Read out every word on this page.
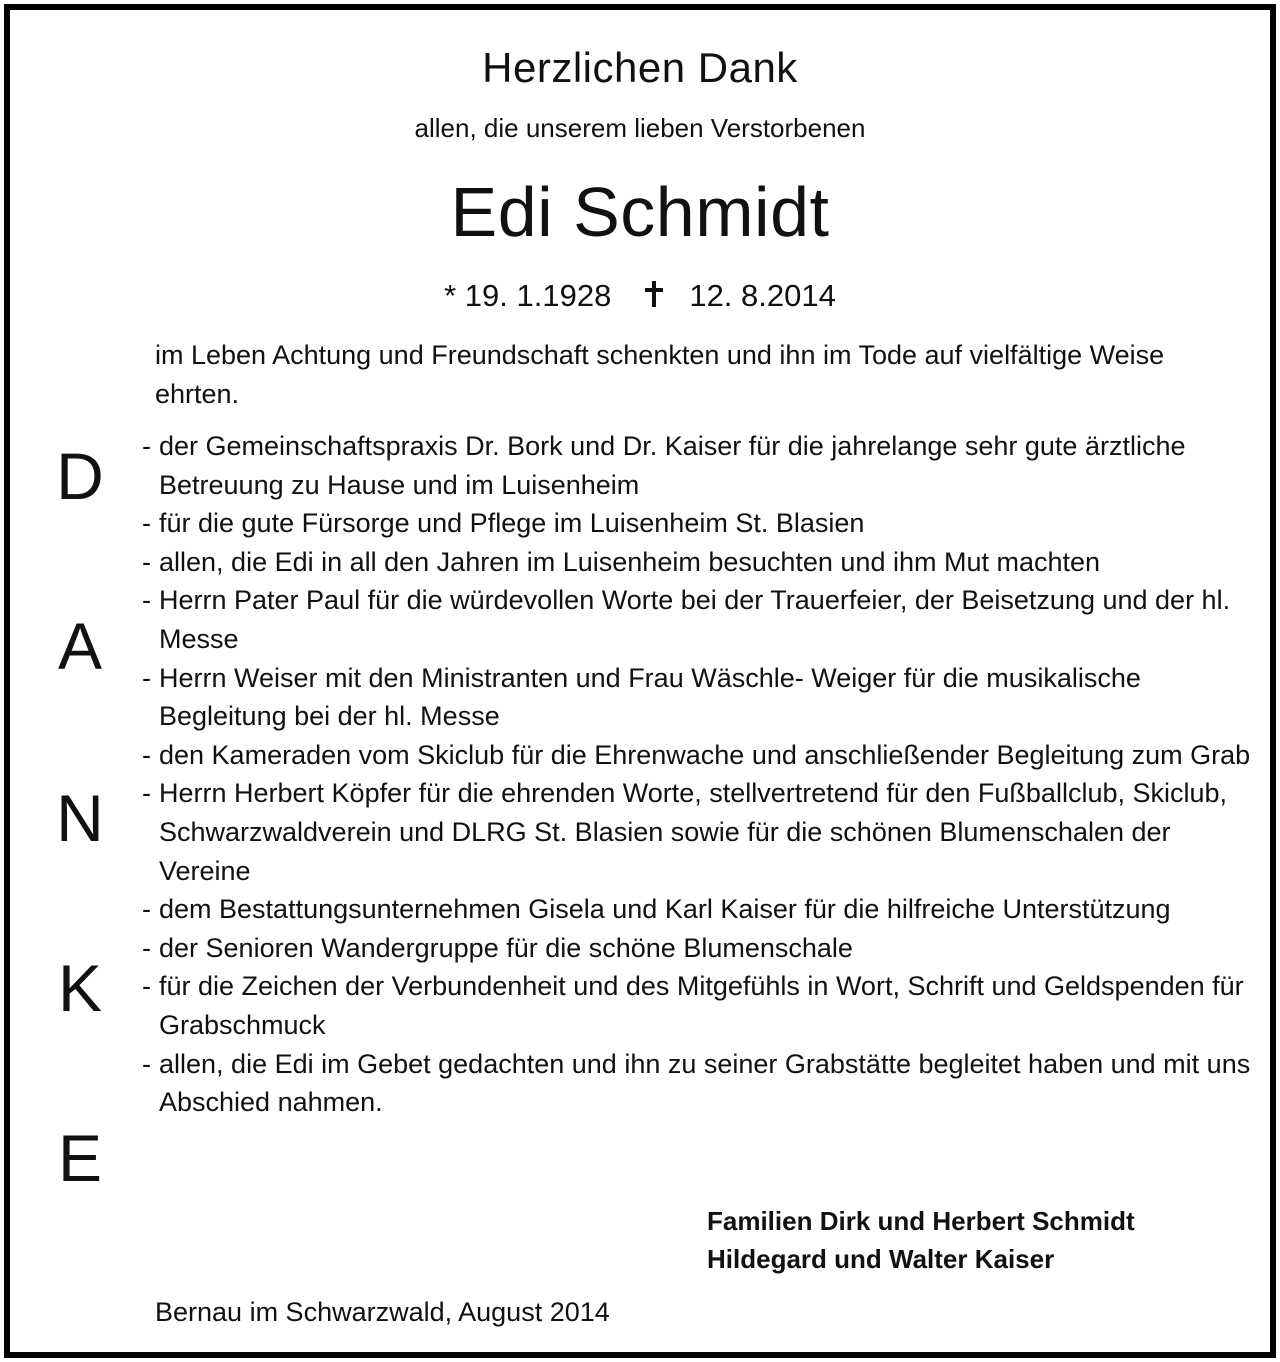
Herzlichen Dank
allen, die unserem lieben Verstorbenen
Edi Schmidt
* 19. 1.1928	12. 8.2014
im Leben Achtung und Freundschaft schenkten und ihn im Tode auf vielfältige Weise ehrten.
D
A
N
K
E
- der Gemeinschaftspraxis Dr. Bork und Dr. Kaiser für die jahrelange sehr gute ärztliche Betreuung zu Hause und im Luisenheim
- für die gute Fürsorge und Pflege im Luisenheim St. Blasien
- allen, die Edi in all den Jahren im Luisenheim besuchten und ihm Mut machten
- Herrn Pater Paul für die würdevollen Worte bei der Trauerfeier, der Beisetzung und der hl. Messe
- Herrn Weiser mit den Ministranten und Frau Wäschle- Weiger für die musikalische Begleitung bei der hl. Messe
- den Kameraden vom Skiclub für die Ehrenwache und anschließender Begleitung zum Grab
- Herrn Herbert Köpfer für die ehrenden Worte, stellvertretend für den Fußballclub, Skiclub, Schwarzwaldverein und DLRG St. Blasien sowie für die schönen Blumenschalen der Vereine
- dem Bestattungsunternehmen Gisela und Karl Kaiser für die hilfreiche Unterstützung
- der Senioren Wandergruppe für die schöne Blumenschale
- für die Zeichen der Verbundenheit und des Mitgefühls in Wort, Schrift und Geldspenden für Grabschmuck
- allen, die Edi im Gebet gedachten und ihn zu seiner Grabstätte begleitet haben und mit uns Abschied nahmen.
Familien Dirk und Herbert Schmidt
Hildegard und Walter Kaiser
Bernau im Schwarzwald, August 2014
